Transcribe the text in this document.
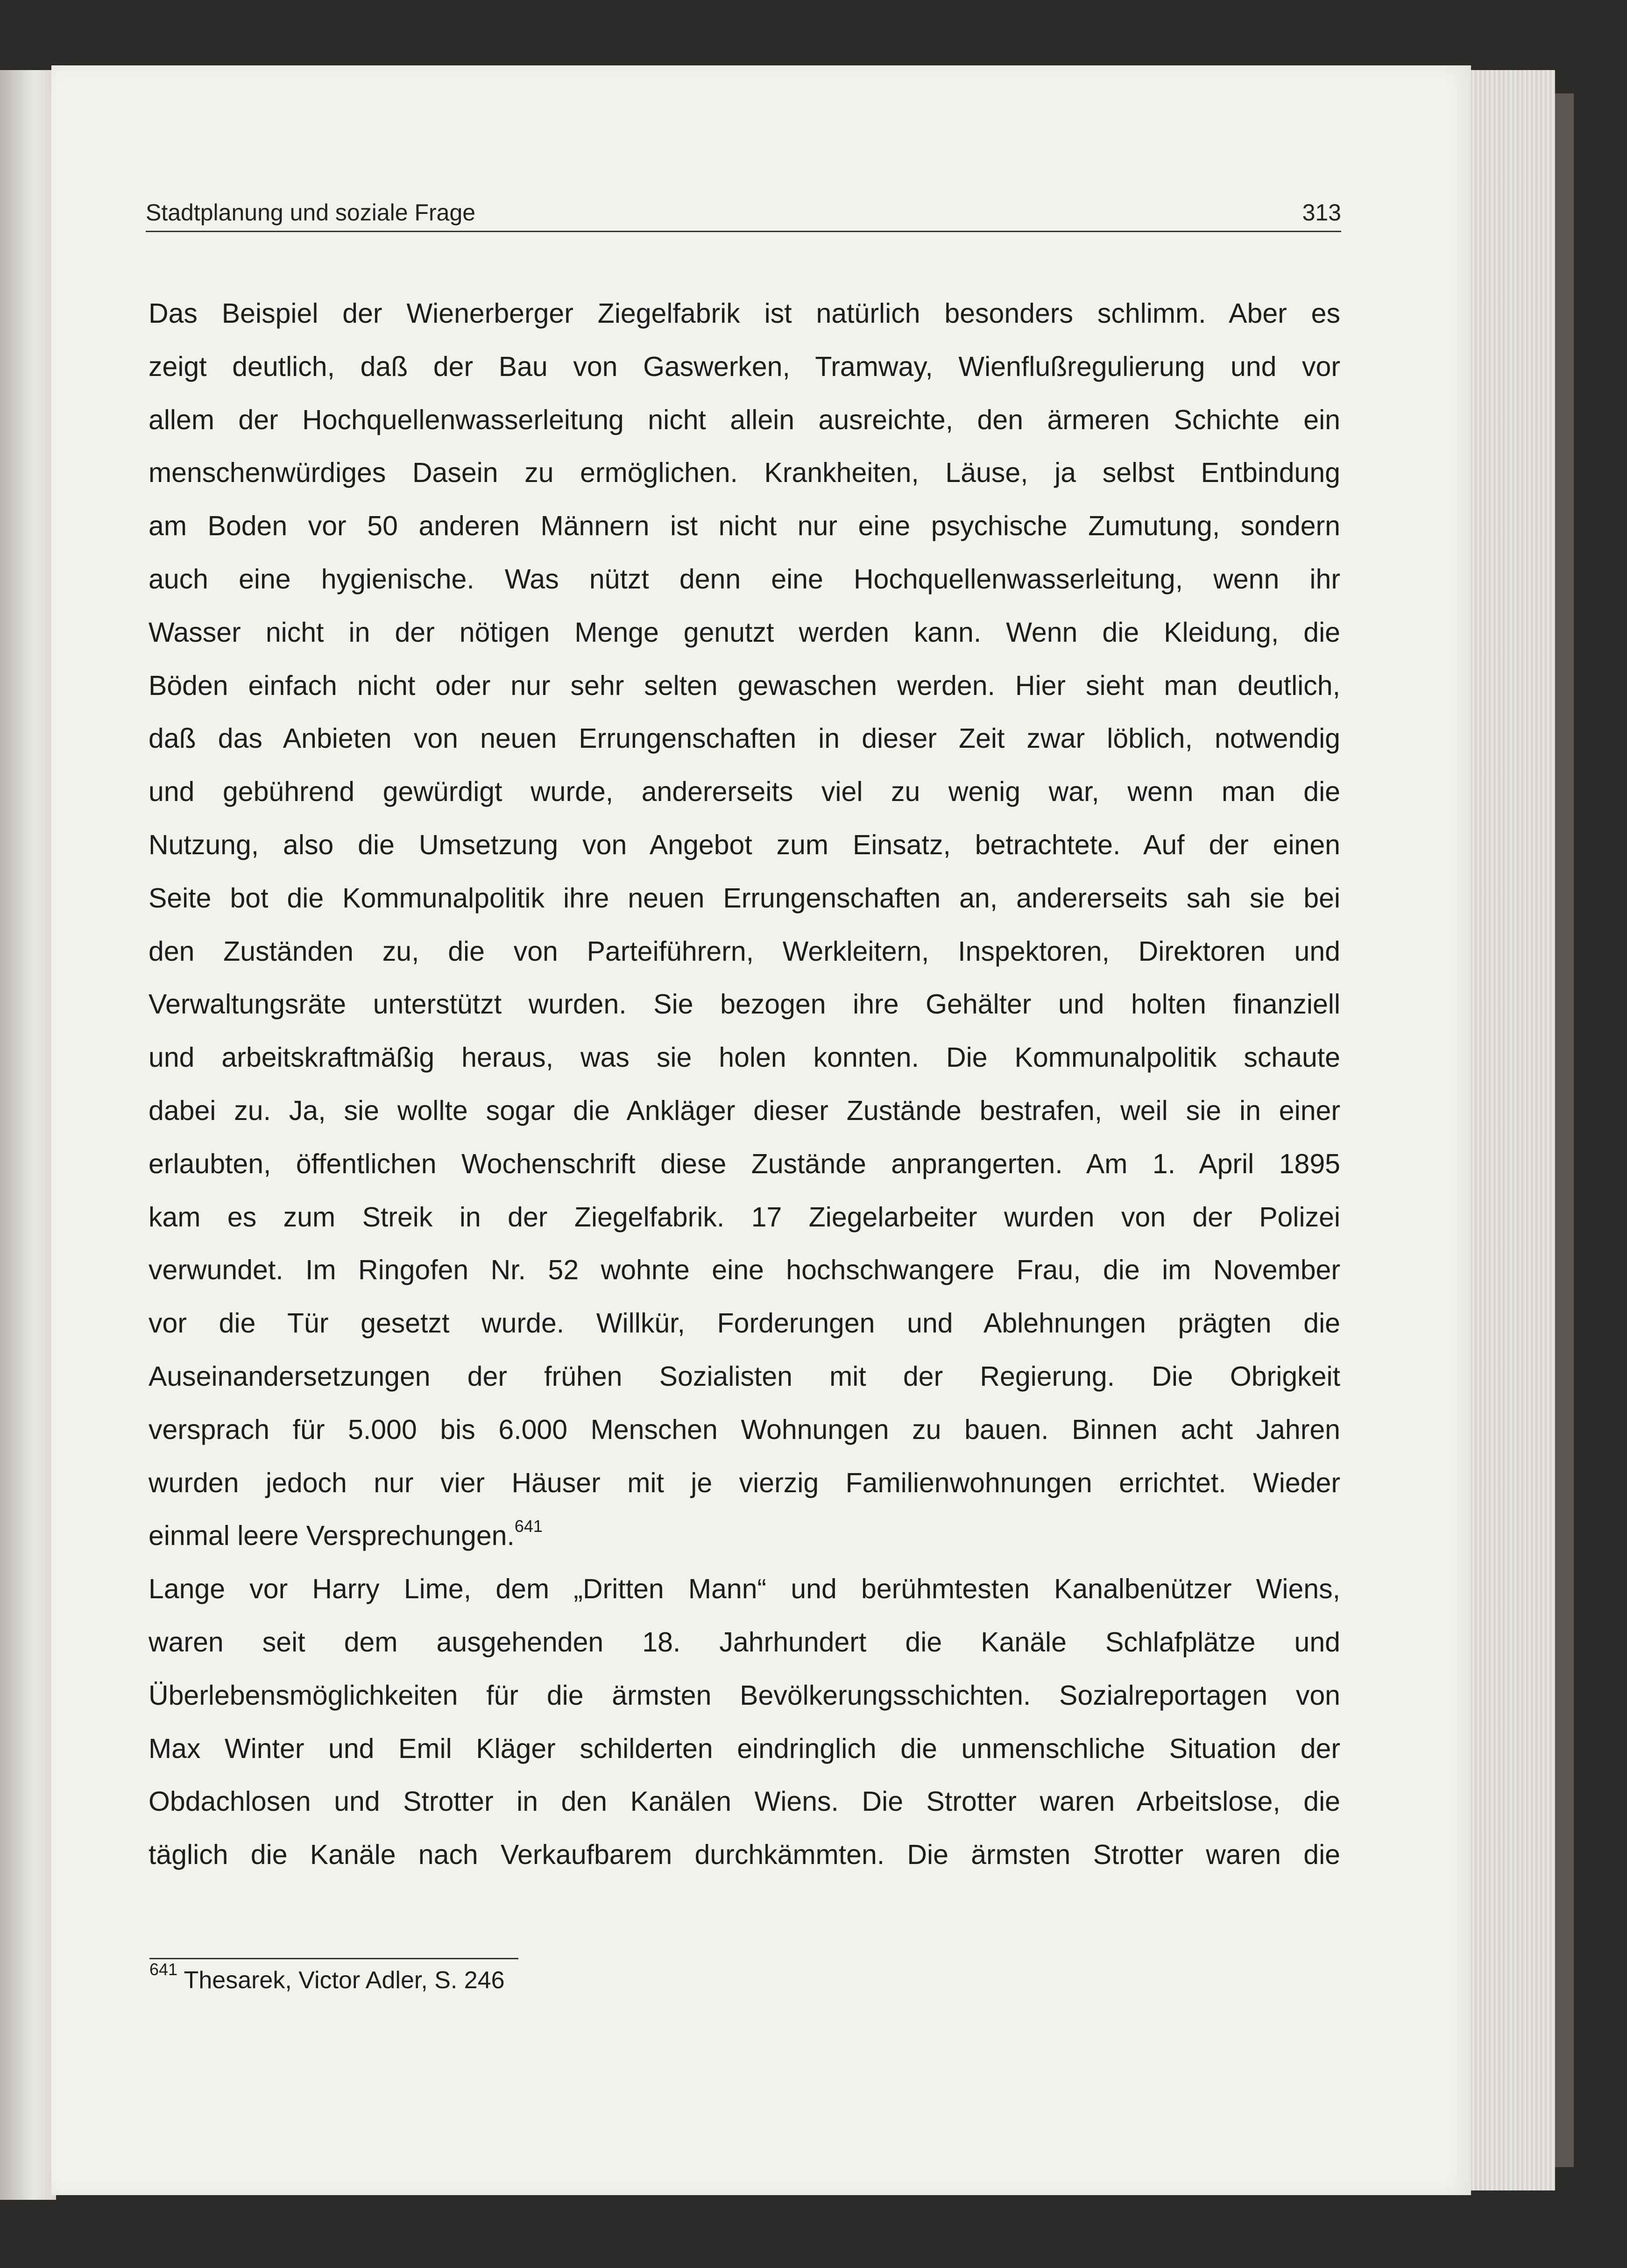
Stadtplanung und soziale Frage	313
Das Beispiel der Wienerberger Ziegelfabrik ist natürlich besonders schlimm. Aber es
zeigt deutlich, daß der Bau von Gaswerken, Tramway, Wienflußregulierung und vor
allem der Hochquellenwasserleitung nicht allein ausreichte, den ärmeren Schichte ein
menschenwürdiges Dasein zu ermöglichen. Krankheiten, Läuse, ja selbst Entbindung
am Boden vor 50 anderen Männern ist nicht nur eine psychische Zumutung, sondern
auch eine hygienische. Was nützt denn eine Hochquellenwasserleitung, wenn ihr
Wasser nicht in der nötigen Menge genutzt werden kann. Wenn die Kleidung, die
Böden einfach nicht oder nur sehr selten gewaschen werden. Hier sieht man deutlich,
daß das Anbieten von neuen Errungenschaften in dieser Zeit zwar löblich, notwendig
und gebührend gewürdigt wurde, andererseits viel zu wenig war, wenn man die
Nutzung, also die Umsetzung von Angebot zum Einsatz, betrachtete. Auf der einen
Seite bot die Kommunalpolitik ihre neuen Errungenschaften an, andererseits sah sie bei
den Zuständen zu, die von Parteiführern, Werkleitern, Inspektoren, Direktoren und
Verwaltungsräte unterstützt wurden. Sie bezogen ihre Gehälter und holten finanziell
und arbeitskraftmäßig heraus, was sie holen konnten. Die Kommunalpolitik schaute
dabei zu. Ja, sie wollte sogar die Ankläger dieser Zustände bestrafen, weil sie in einer
erlaubten, öffentlichen Wochenschrift diese Zustände anprangerten. Am 1. April 1895
kam es zum Streik in der Ziegelfabrik. 17 Ziegelarbeiter wurden von der Polizei
verwundet. Im Ringofen Nr. 52 wohnte eine hochschwangere Frau, die im November
vor die Tür gesetzt wurde. Willkür, Forderungen und Ablehnungen prägten die
Auseinandersetzungen der frühen Sozialisten mit der Regierung. Die Obrigkeit
versprach für 5.000 bis 6.000 Menschen Wohnungen zu bauen. Binnen acht Jahren
wurden jedoch nur vier Häuser mit je vierzig Familienwohnungen errichtet. Wieder
einmal leere Versprechungen.$^{641}$
Lange vor Harry Lime, dem „Dritten Mann“ und berühmtesten Kanalbenützer Wiens,
waren seit dem ausgehenden 18. Jahrhundert die Kanäle Schlafplätze und
Überlebensmöglichkeiten für die ärmsten Bevölkerungsschichten. Sozialreportagen von
Max Winter und Emil Kläger schilderten eindringlich die unmenschliche Situation der
Obdachlosen und Strotter in den Kanälen Wiens. Die Strotter waren Arbeitslose, die
täglich die Kanäle nach Verkaufbarem durchkämmten. Die ärmsten Strotter waren die
$^{641}$ Thesarek, Victor Adler, S. 246
